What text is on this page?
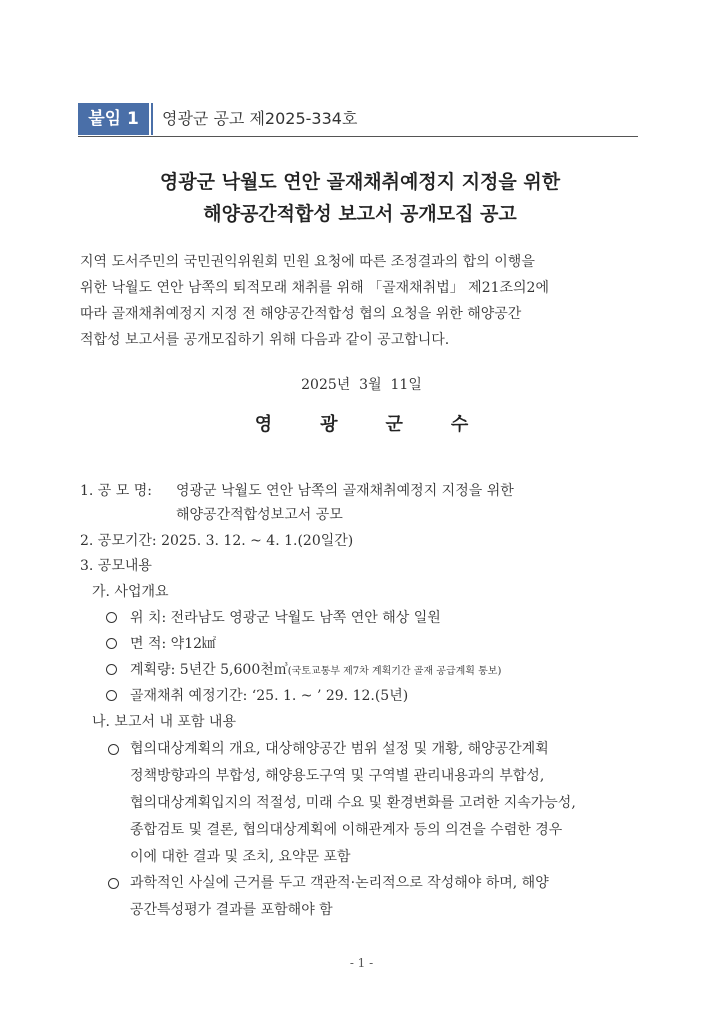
붙임 1	영광군 공고 제2025-334호
영광군 낙월도 연안 골재채취예정지 지정을 위한
해양공간적합성 보고서 공개모집 공고
지역 도서주민의 국민권익위원회 민원 요청에 따른 조정결과의 합의 이행을
위한 낙월도 연안 남쪽의 퇴적모래 채취를 위해 「골재채취법」 제21조의2에
따라 골재채취예정지 지정 전 해양공간적합성 협의 요청을 위한 해양공간
적합성 보고서를 공개모집하기 위해 다음과 같이 공고합니다.
2025년  3월  11일
영광군수
1. 공 모 명: 영광군 낙월도 연안 남쪽의 골재채취예정지 지정을 위한
해양공간적합성보고서 공모
2. 공모기간: 2025. 3. 12. ~ 4. 1.(20일간)
3. 공모내용
가. 사업개요
위 치: 전라남도 영광군 낙월도 남쪽 연안 해상 일원
면 적: 약12㎢
계획량: 5년간 5,600천㎥(국토교통부 제7차 계획기간 골재 공급계획 통보)
골재채취 예정기간: ‘25. 1. ~ ’ 29. 12.(5년)
나. 보고서 내 포함 내용
협의대상계획의 개요, 대상해양공간 범위 설정 및 개황, 해양공간계획
정책방향과의 부합성, 해양용도구역 및 구역별 관리내용과의 부합성,
협의대상계획입지의 적절성, 미래 수요 및 환경변화를 고려한 지속가능성,
종합검토 및 결론, 협의대상계획에 이해관계자 등의 의견을 수렴한 경우
이에 대한 결과 및 조치, 요약문 포함
과학적인 사실에 근거를 두고 객관적·논리적으로 작성해야 하며, 해양
공간특성평가 결과를 포함해야 함
- 1 -
